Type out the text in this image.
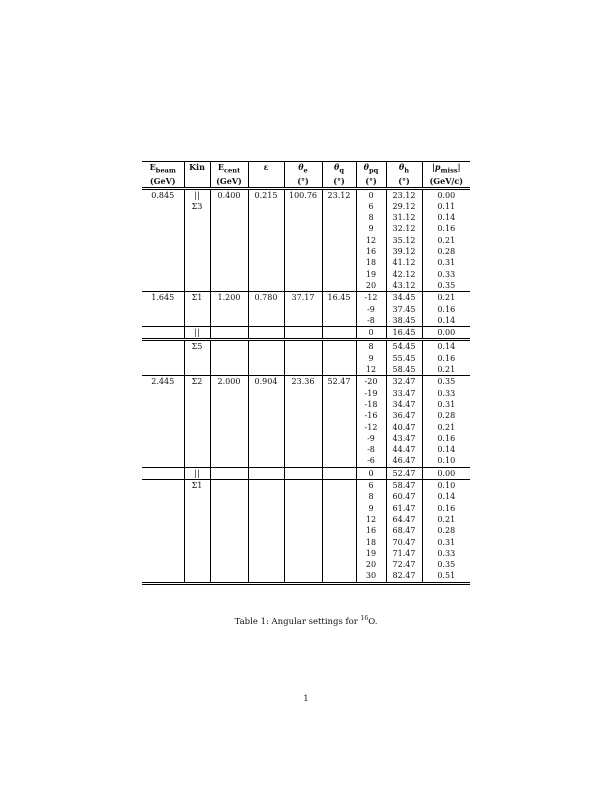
$E_{beam}$	Kin	$E_{cent}$	ε	$\theta_e$	$\theta_q$	$\theta_{pq}$	$\theta_h$	$|p_{miss}|$
(GeV)		(GeV)		(°)	(°)	(°)	(°)	(GeV/c)
0.845	||	0.400	0.215	100.76	23.12	0	23.12	0.00
	Σ3					6	29.12	0.11
						8	31.12	0.14
						9	32.12	0.16
						12	35.12	0.21
						16	39.12	0.28
						18	41.12	0.31
						19	42.12	0.33
						20	43.12	0.35
1.645	Σ1	1.200	0.780	37.17	16.45	-12	34.45	0.21
						-9	37.45	0.16
						-8	38.45	0.14
	||					0	16.45	0.00
	Σ5					8	54.45	0.14
						9	55.45	0.16
						12	58.45	0.21
2.445	Σ2	2.000	0.904	23.36	52.47	-20	32.47	0.35
						-19	33.47	0.33
						-18	34.47	0.31
						-16	36.47	0.28
						-12	40.47	0.21
						-9	43.47	0.16
						-8	44.47	0.14
						-6	46.47	0.10
	||					0	52.47	0.00
	Σ1					6	58.47	0.10
						8	60.47	0.14
						9	61.47	0.16
						12	64.47	0.21
						16	68.47	0.28
						18	70.47	0.31
						19	71.47	0.33
						20	72.47	0.35
						30	82.47	0.51
Table 1: Angular settings for $^{16}$O.
1
